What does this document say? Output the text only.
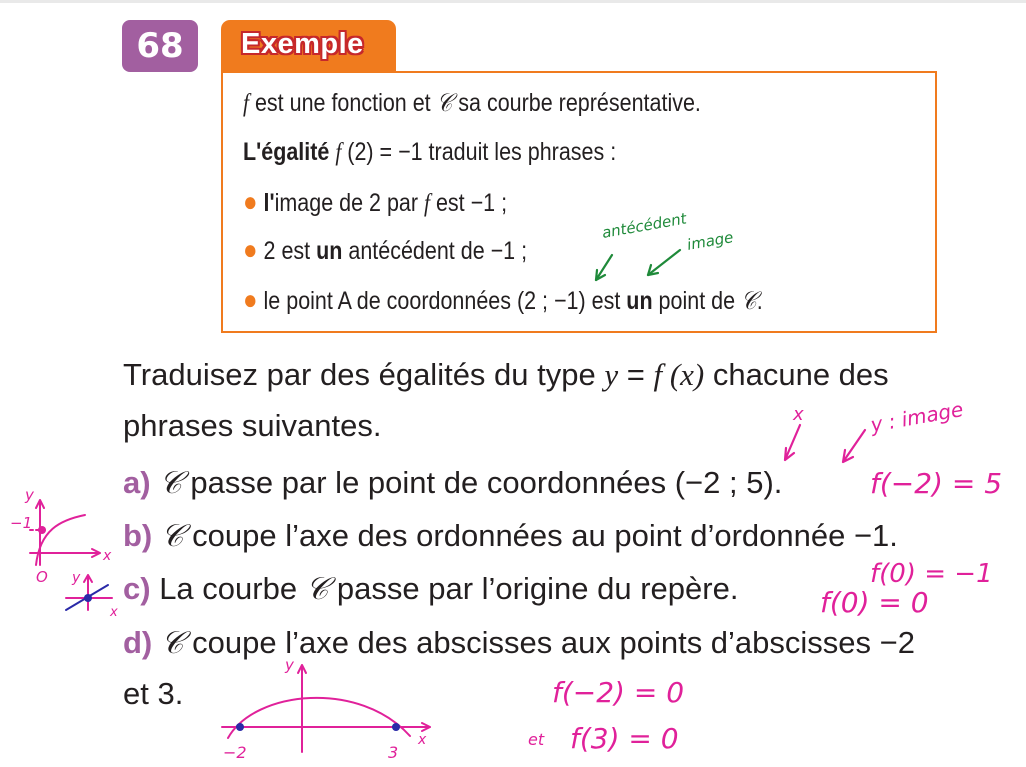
68	Exemple
f est une fonction et 𝒞 sa courbe représentative.
L'égalité f (2) = −1 traduit les phrases :
● l'image de 2 par f est −1 ;
● 2 est un antécédent de −1 ;
● le point A de coordonnées (2 ; −1) est un point de 𝒞.
Traduisez par des égalités du type y = f (x) chacune des
phrases suivantes.
a) 𝒞 passe par le point de coordonnées (−2 ; 5).
b) 𝒞 coupe l’axe des ordonnées au point d’ordonnée −1.
c) La courbe 𝒞 passe par l’origine du repère.
d) 𝒞 coupe l’axe des abscisses aux points d’abscisses −2
et 3.
antécédent
image
x	y : image
f(−2) = 5
f(0) = −1
f(0) = 0
f(−2) = 0
et f(3) = 0
y
−1
x
O y
x
y
x
−2	3
